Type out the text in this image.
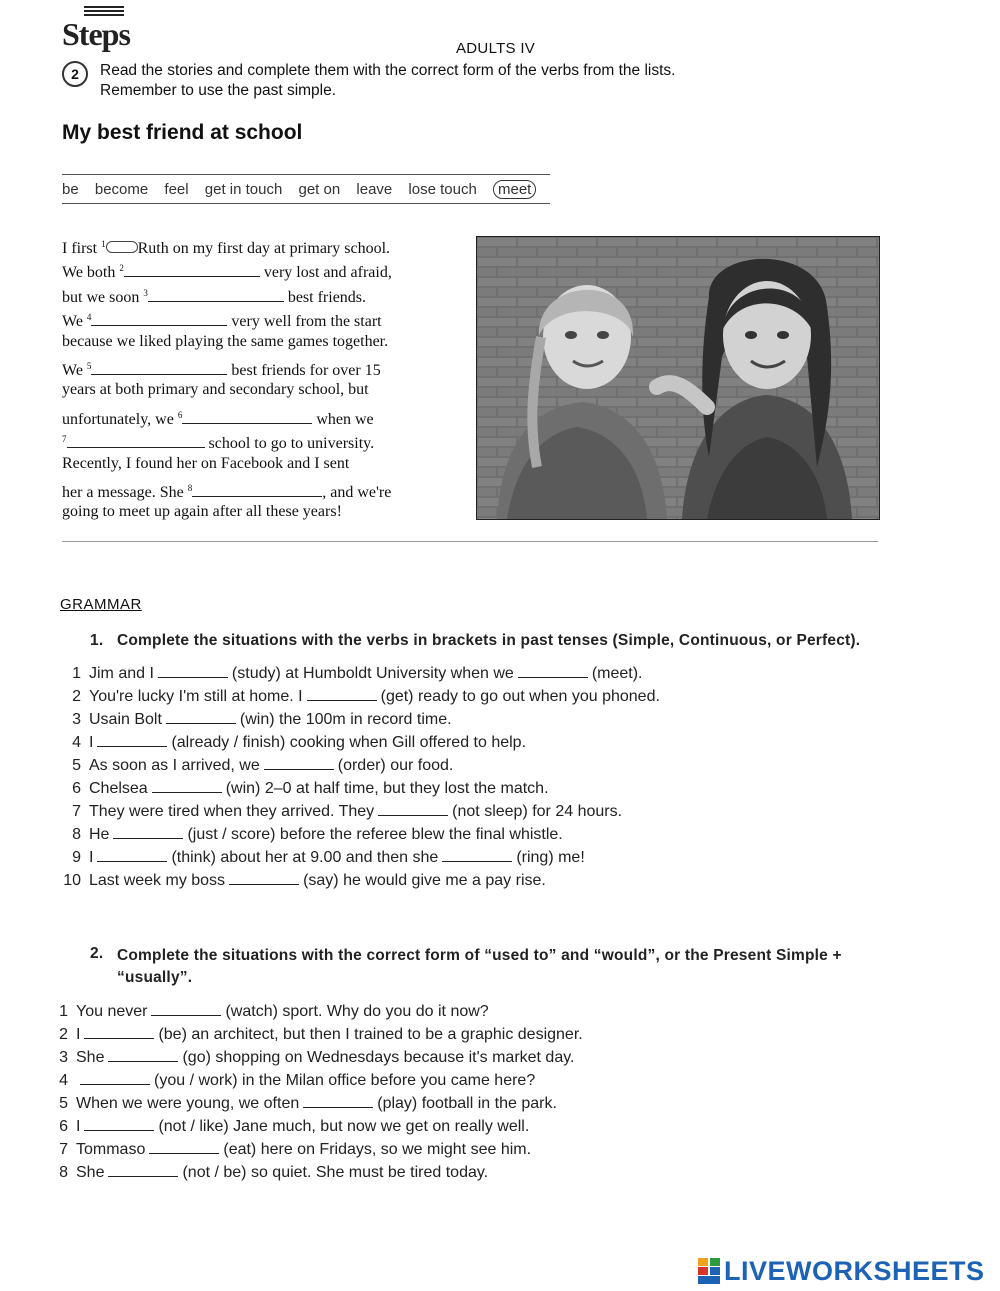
Steps	ADULTS IV
2	Read the stories and complete them with the correct form of the verbs from the lists.
Remember to use the past simple.
My best friend at school
be become feel get in touch get on leave lose touch meet
I first $^1$ Ruth on my first day at primary school.
We both $^2$	very lost and afraid,
but we soon $^3$	best friends.
We $^4$	very well from the start
because we liked playing the same games together.
We $^5$	best friends for over 15
years at both primary and secondary school, but
unfortunately, we $^6$	when we
$^7$	school to go to university.
Recently, I found her on Facebook and I sent
her a message. She $^8$	, and we're
going to meet up again after all these years!
GRAMMAR
1. Complete the situations with the verbs in brackets in past tenses (Simple, Continuous, or Perfect).
1 Jim and I	(study) at Humboldt University when we	(meet).
2 You're lucky I'm still at home. I	(get) ready to go out when you phoned.
3 Usain Bolt	(win) the 100m in record time.
4 I	(already / finish) cooking when Gill offered to help.
5 As soon as I arrived, we	(order) our food.
6 Chelsea	(win) 2–0 at half time, but they lost the match.
7 They were tired when they arrived. They	(not sleep) for 24 hours.
8 He	(just / score) before the referee blew the final whistle.
9 I	(think) about her at 9.00 and then she	(ring) me!
10 Last week my boss	(say) he would give me a pay rise.
2. Complete the situations with the correct form of “used to” and “would”, or the Present Simple +
“usually”.
1 You never	(watch) sport. Why do you do it now?
2 I	(be) an architect, but then I trained to be a graphic designer.
3 She	(go) shopping on Wednesdays because it's market day.
4	(you / work) in the Milan office before you came here?
5 When we were young, we often	(play) football in the park.
6 I	(not / like) Jane much, but now we get on really well.
7 Tommaso	(eat) here on Fridays, so we might see him.
8 She	(not / be) so quiet. She must be tired today.
LIVEWORKSHEETS
